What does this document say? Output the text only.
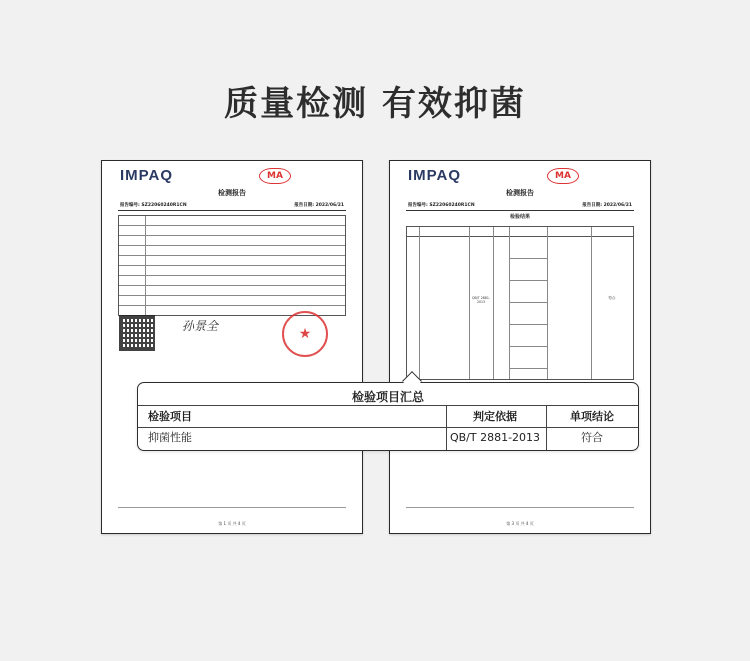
质量检测 有效抑菌
IMPAQ	MA
检测报告
报告编号: SZ22060240R1CN	报告日期: 2022/06/21
孙景全	★
第 1 页 共 4 页
IMPAQ	MA
检测报告
报告编号: SZ22060240R1CN	报告日期: 2022/06/21
检验结果
QB/T 2881-2013
符合
第 3 页 共 4 页
检验项目汇总
检验项目	判定依据	单项结论
抑菌性能	QB/T 2881-2013	符合
